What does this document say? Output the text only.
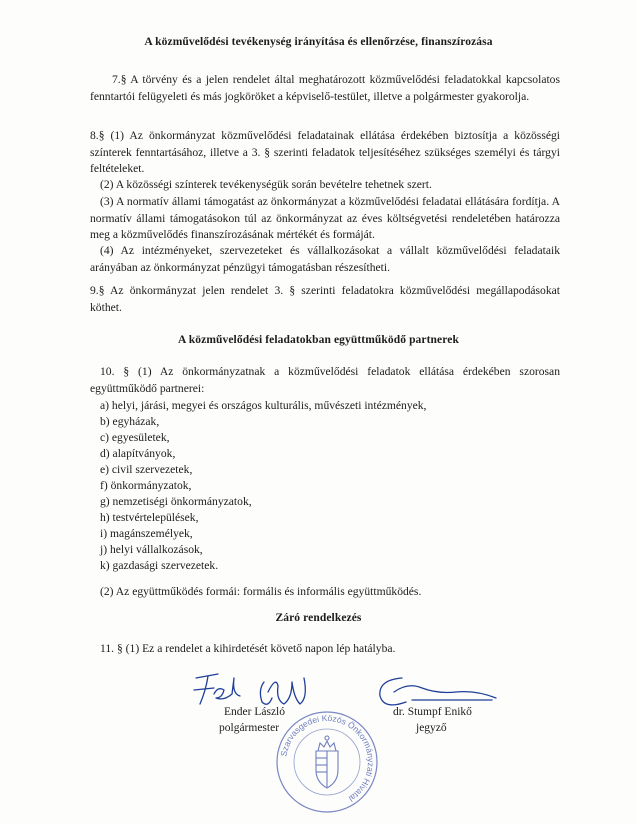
A közművelődési tevékenység irányítása és ellenőrzése, finanszírozása
7.§ A törvény és a jelen rendelet által meghatározott közművelődési feladatokkal kapcsolatos fenntartói felügyeleti és más jogköröket a képviselő-testület, illetve a polgármester gyakorolja.
8.§ (1) Az önkormányzat közművelődési feladatainak ellátása érdekében biztosítja a közösségi színterek fenntartásához, illetve a 3. § szerinti feladatok teljesítéséhez szükséges személyi és tárgyi feltételeket.
(2) A közösségi színterek tevékenységük során bevételre tehetnek szert.
(3) A normatív állami támogatást az önkormányzat a közművelődési feladatai ellátására fordítja. A normatív állami támogatásokon túl az önkormányzat az éves költségvetési rendeletében határozza meg a közművelődés finanszírozásának mértékét és formáját.
(4) Az intézményeket, szervezeteket és vállalkozásokat a vállalt közművelődési feladataik arányában az önkormányzat pénzügyi támogatásban részesítheti.
9.§ Az önkormányzat jelen rendelet 3. § szerinti feladatokra közművelődési megállapodásokat köthet.
A közművelődési feladatokban együttműködő partnerek
10. § (1) Az önkormányzatnak a közművelődési feladatok ellátása érdekében szorosan együttműködő partnerei:
a) helyi, járási, megyei és országos kulturális, művészeti intézmények,
b) egyházak,
c) egyesületek,
d) alapítványok,
e) civil szervezetek,
f) önkormányzatok,
g) nemzetiségi önkormányzatok,
h) testvértelepülések,
i) magánszemélyek,
j) helyi vállalkozások,
k) gazdasági szervezetek.
(2) Az együttműködés formái: formális és informális együttműködés.
Záró rendelkezés
11. § (1) Ez a rendelet a kihirdetését követő napon lép hatályba.
Szarvasgedei Közös Önkormányzati Hivatal
Ender László
polgármester
dr. Stumpf Enikő
jegyző
